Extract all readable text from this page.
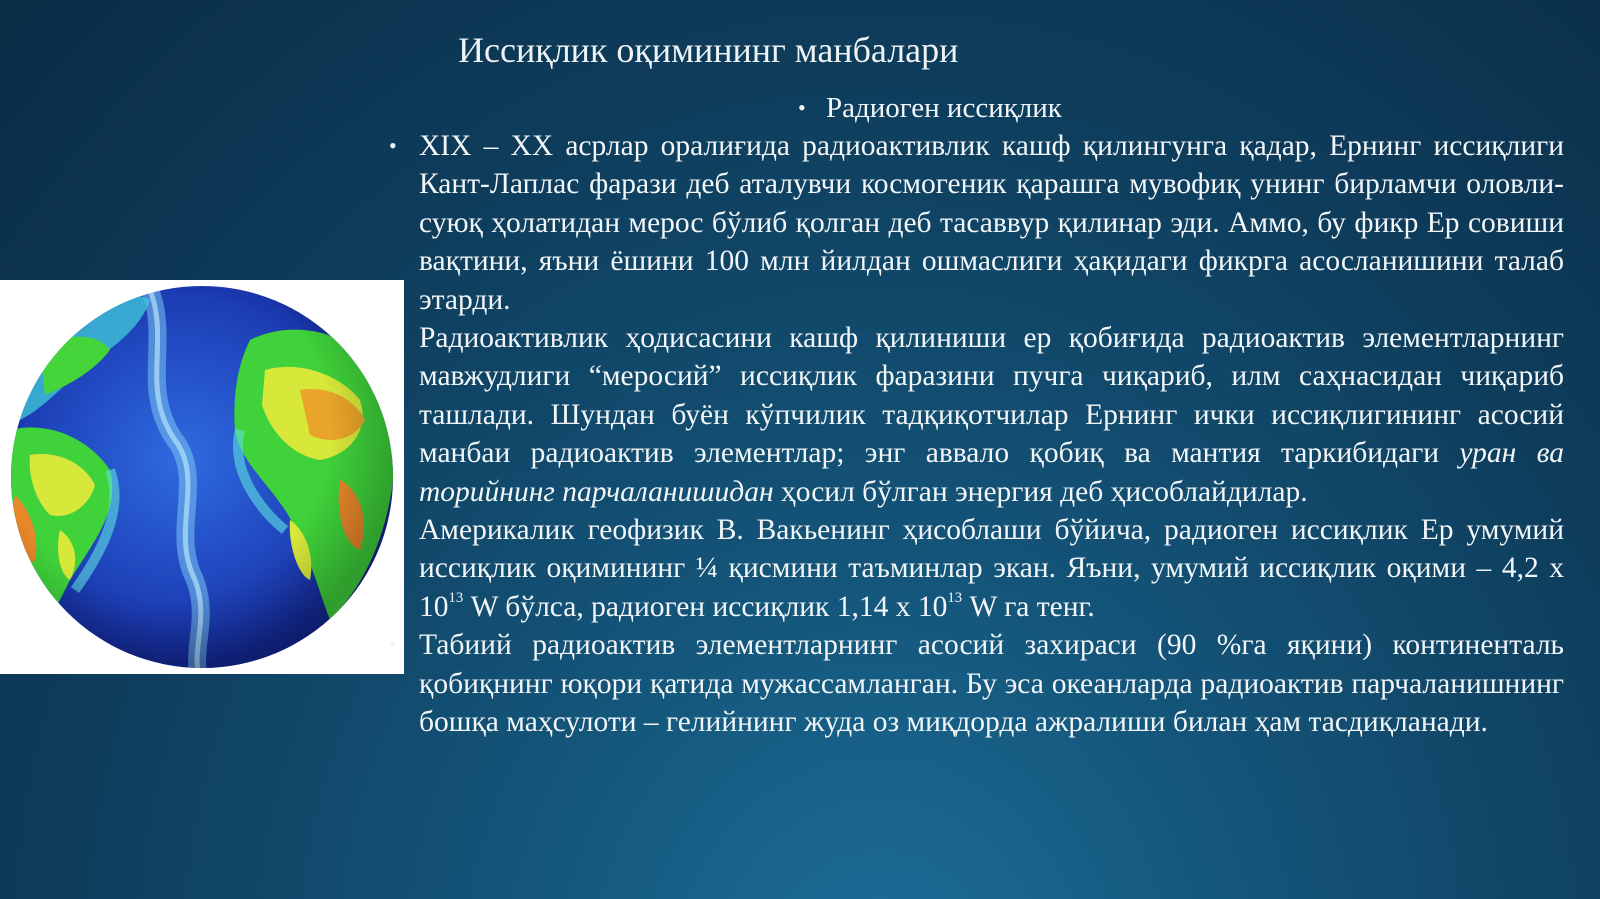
Иссиқлик оқимининг манбалари
• Радиоген иссиқлик

• XIX – XX асрлар оралиғида радиоактивлик кашф қилингунга қадар, Ернинг иссиқлиги Кант-Лаплас фарази деб аталувчи космогеник қарашга мувофиқ унинг бирламчи оловли-суюқ ҳолатидан мерос бўлиб қолган деб тасаввур қилинар эди. Аммо, бу фикр Ер совиши вақтини, яъни ёшини 100 млн йилдан ошмаслиги ҳақидаги фикрга асосланишини талаб этарди.

Радиоактивлик ҳодисасини кашф қилиниши ер қобиғида радиоактив элементларнинг мавжудлиги “меросий” иссиқлик фаразини пучга чиқариб, илм саҳнасидан чиқариб ташлади. Шундан буён кўпчилик тадқиқотчилар Ернинг ички иссиқлигининг асосий манбаи радиоактив элементлар; энг аввало қобиқ ва мантия таркибидаги уран ва торийнинг парчаланишидан ҳосил бўлган энергия деб ҳисоблайдилар.

Америкалик геофизик В. Вакьенинг ҳисоблаши бўйича, радиоген иссиқлик Ер умумий иссиқлик оқимининг ¼ қисмини таъминлар экан. Яъни, умумий иссиқлик оқими – 4,2 х $10^{13}$ W бўлса, радиоген иссиқлик 1,14 х $10^{13}$ W га тенг.

• Табиий радиоактив элементларнинг асосий захираси (90 %га яқини) континенталь қобиқнинг юқори қатида мужассамланган. Бу эса океанларда радиоактив парчаланишнинг бошқа маҳсулоти – гелийнинг жуда оз миқдорда ажралиши билан ҳам тасдиқланади.
